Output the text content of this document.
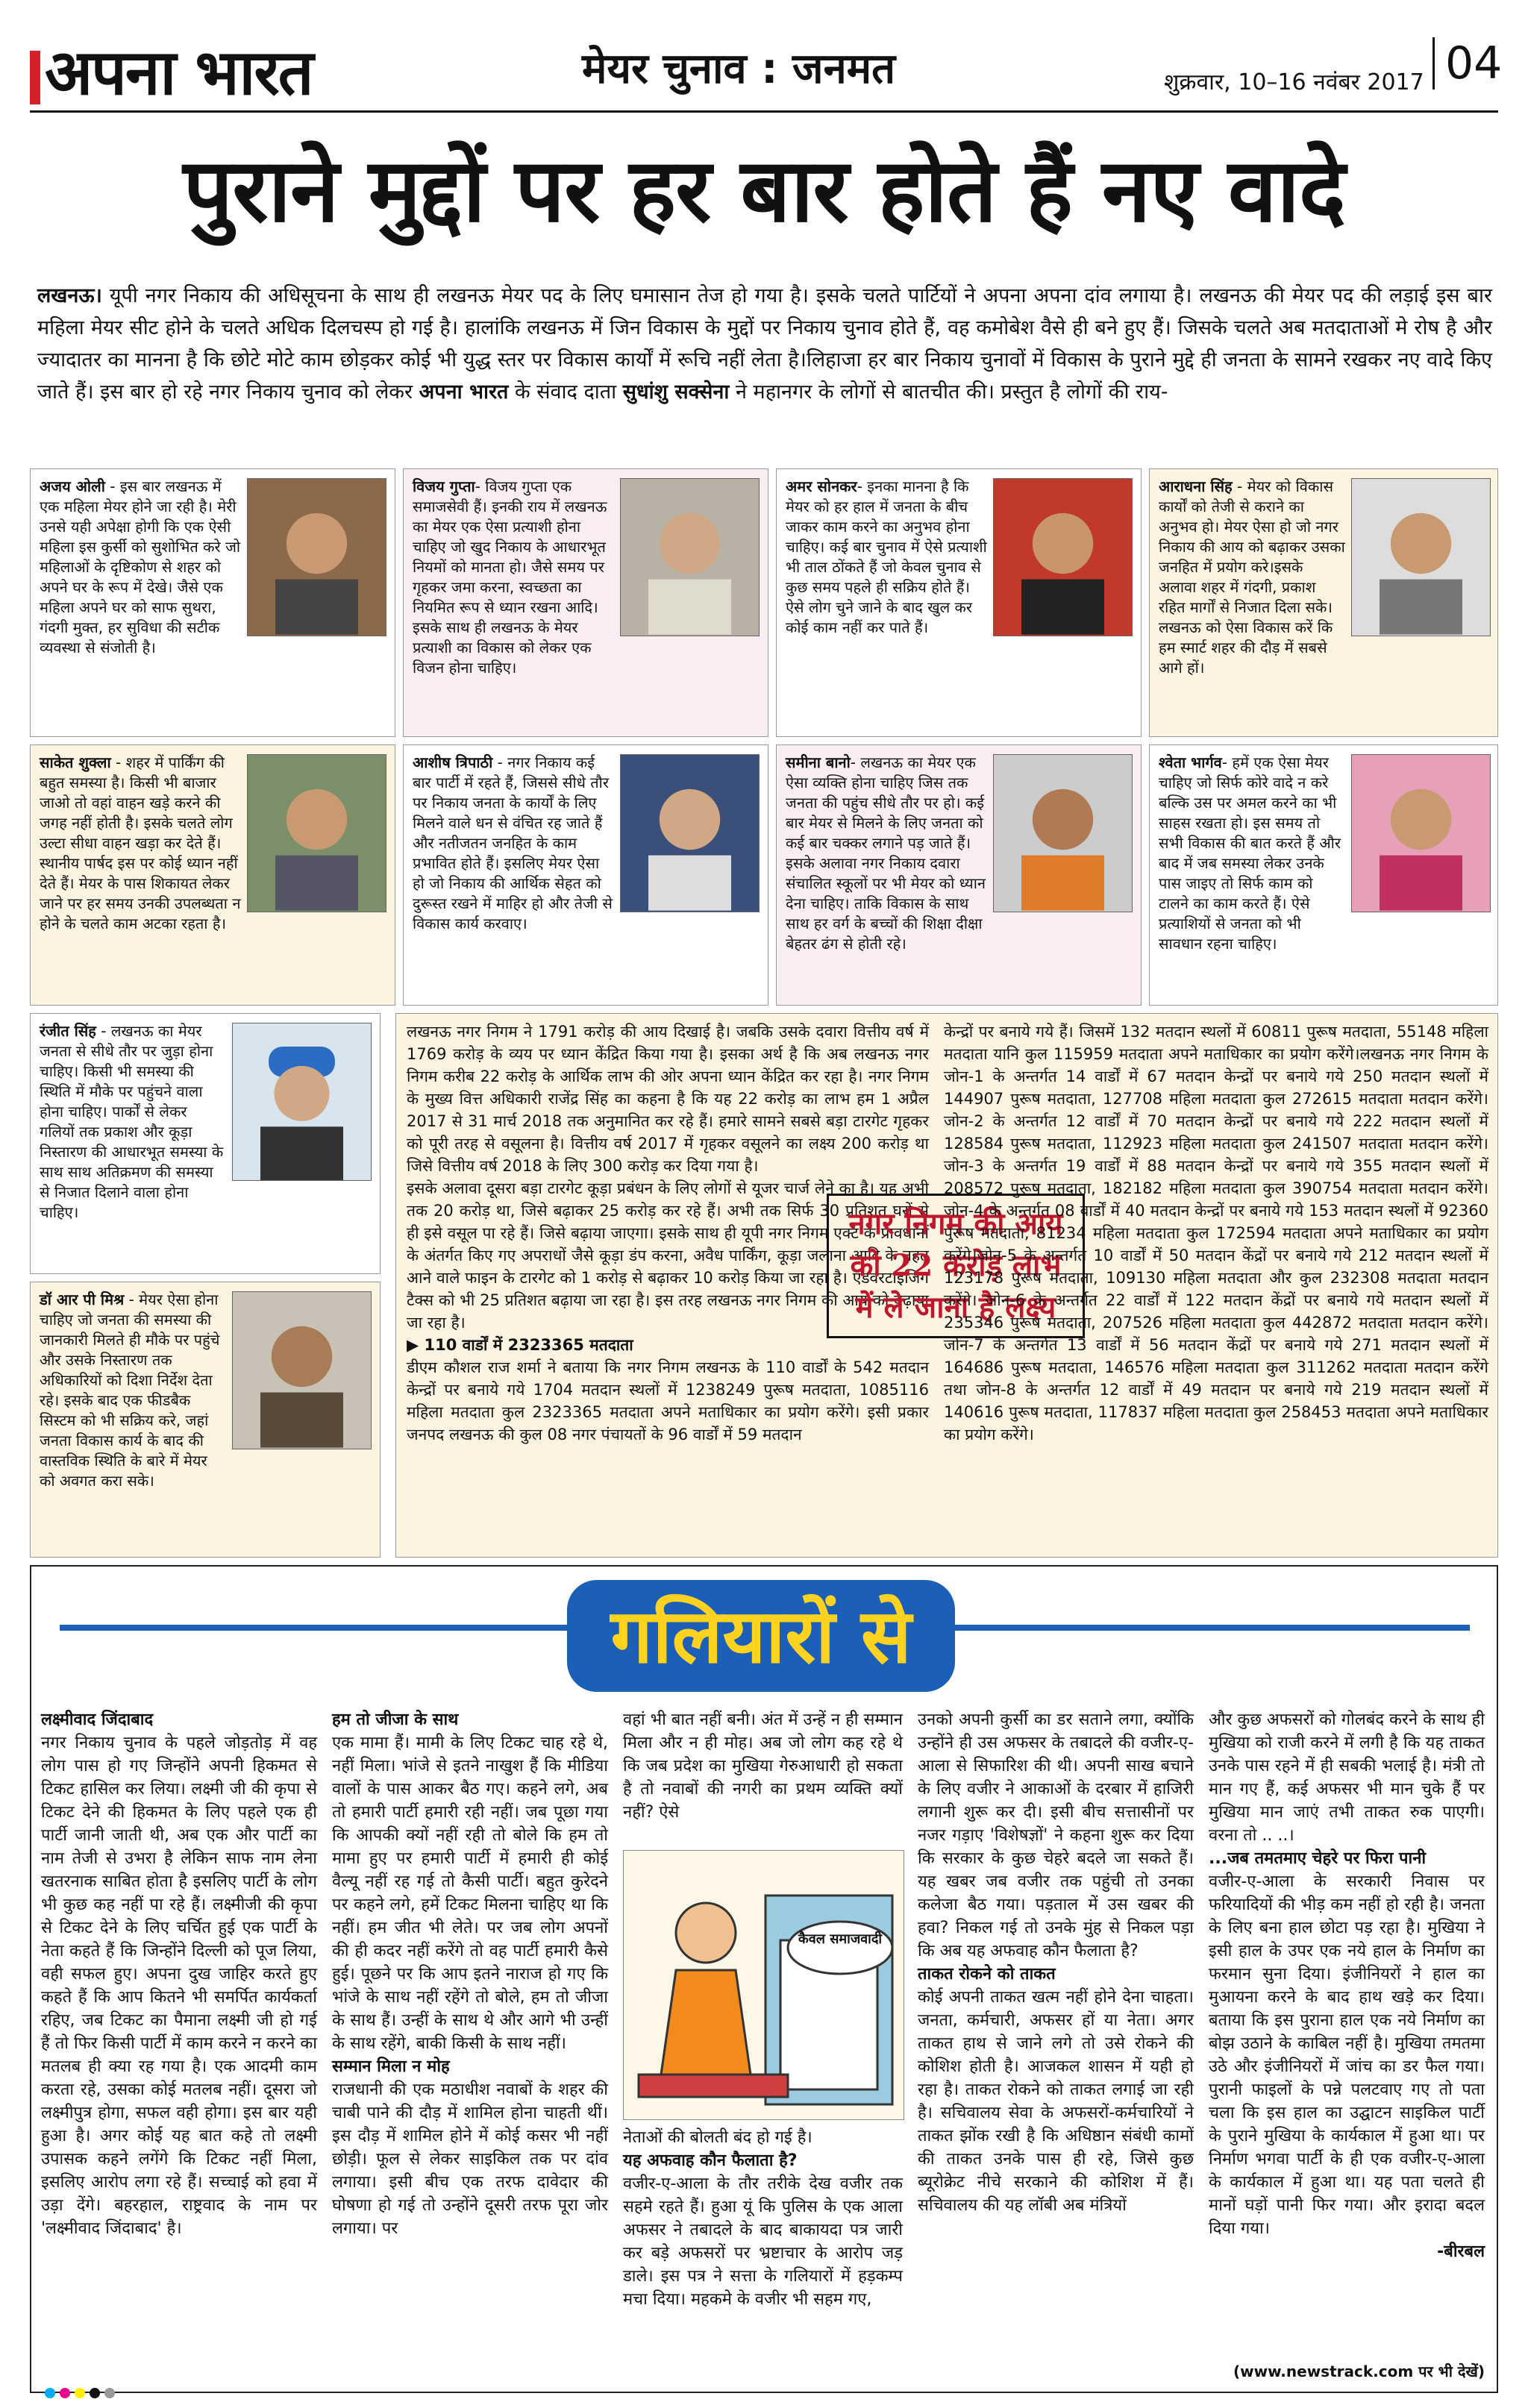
अपना भारत	मेयर चुनाव : जनमत	शुक्रवार, 10–16 नवंबर 2017 04
पुराने मुद्दों पर हर बार होते हैं नए वादे
लखनऊ। यूपी नगर निकाय की अधिसूचना के साथ ही लखनऊ मेयर पद के लिए घमासान तेज हो गया है। इसके चलते पार्टियों ने अपना अपना दांव लगाया है। लखनऊ की मेयर पद की लड़ाई इस बार महिला मेयर सीट होने के चलते अधिक दिलचस्प हो गई है। हालांकि लखनऊ में जिन विकास के मुद्दों पर निकाय चुनाव होते हैं, वह कमोबेश वैसे ही बने हुए हैं। जिसके चलते अब मतदाताओं मे रोष है और ज्यादातर का मानना है कि छोटे मोटे काम छोड़कर कोई भी युद्ध स्तर पर विकास कार्यों में रूचि नहीं लेता है।लिहाजा हर बार निकाय चुनावों में विकास के पुराने मुद्दे ही जनता के सामने रखकर नए वादे किए जाते हैं। इस बार हो रहे नगर निकाय चुनाव को लेकर अपना भारत के संवाद दाता सुधांशु सक्सेना ने महानगर के लोगों से बातचीत की। प्रस्तुत है लोगों की राय-
अजय ओली - इस बार लखनऊ में एक महिला मेयर होने जा रही है। मेरी उनसे यही अपेक्षा होगी कि एक ऐसी महिला इस कुर्सी को सुशोभित करे जो महिलाओं के दृष्टिकोण से शहर को अपने घर के रूप में देखे। जैसे एक महिला अपने घर को साफ सुथरा, गंदगी मुक्त, हर सुविधा की सटीक व्यवस्था से संजोती है।
विजय गुप्ता- विजय गुप्ता एक समाजसेवी हैं। इनकी राय में लखनऊ का मेयर एक ऐसा प्रत्याशी होना चाहिए जो खुद निकाय के आधारभूत नियमों को मानता हो। जैसे समय पर गृहकर जमा करना, स्वच्छता का नियमित रूप से ध्यान रखना आदि। इसके साथ ही लखनऊ के मेयर प्रत्याशी का विकास को लेकर एक विजन होना चाहिए।
अमर सोनकर- इनका मानना है कि मेयर को हर हाल में जनता के बीच जाकर काम करने का अनुभव होना चाहिए। कई बार चुनाव में ऐसे प्रत्याशी भी ताल ठोंकते हैं जो केवल चुनाव से कुछ समय पहले ही सक्रिय होते हैं। ऐसे लोग चुने जाने के बाद खुल कर कोई काम नहीं कर पाते हैं।
आराधना सिंह - मेयर को विकास कार्यों को तेजी से कराने का अनुभव हो। मेयर ऐसा हो जो नगर निकाय की आय को बढ़ाकर उसका जनहित में प्रयोग करे।इसके अलावा शहर में गंदगी, प्रकाश रहित मार्गों से निजात दिला सके।लखनऊ को ऐसा विकास करें कि हम स्मार्ट शहर की दौड़ में सबसे आगे हों।
साकेत शुक्ला - शहर में पार्किंग की बहुत समस्या है। किसी भी बाजार जाओ तो वहां वाहन खड़े करने की जगह नहीं होती है। इसके चलते लोग उल्टा सीधा वाहन खड़ा कर देते हैं। स्थानीय पार्षद इस पर कोई ध्यान नहीं देते हैं। मेयर के पास शिकायत लेकर जाने पर हर समय उनकी उपलब्धता न होने के चलते काम अटका रहता है।
आशीष त्रिपाठी - नगर निकाय कई बार पार्टी में रहते हैं, जिससे सीधे तौर पर निकाय जनता के कार्यों के लिए मिलने वाले धन से वंचित रह जाते हैं और नतीजतन जनहित के काम प्रभावित होते हैं। इसलिए मेयर ऐसा हो जो निकाय की आर्थिक सेहत को दुरूस्त रखने में माहिर हो और तेजी से विकास कार्य करवाए।
समीना बानो- लखनऊ का मेयर एक ऐसा व्यक्ति होना चाहिए जिस तक जनता की पहुंच सीधे तौर पर हो। कई बार मेयर से मिलने के लिए जनता को कई बार चक्कर लगाने पड़ जाते हैं। इसके अलावा नगर निकाय दवारा संचालित स्कूलों पर भी मेयर को ध्यान देना चाहिए। ताकि विकास के साथ साथ हर वर्ग के बच्चों की शिक्षा दीक्षा बेहतर ढंग से होती रहे।
श्वेता भार्गव- हमें एक ऐसा मेयर चाहिए जो सिर्फ कोरे वादे न करे बल्कि उस पर अमल करने का भी साहस रखता हो। इस समय तो सभी विकास की बात करते हैं और बाद में जब समस्या लेकर उनके पास जाइए तो सिर्फ काम को टालने का काम करते हैं। ऐसे प्रत्याशियों से जनता को भी सावधान रहना चाहिए।
रंजीत सिंह - लखनऊ का मेयर जनता से सीधे तौर पर जुड़ा होना चाहिए। किसी भी समस्या की स्थिति में मौके पर पहुंचने वाला होना चाहिए। पार्कों से लेकर गलियों तक प्रकाश और कूड़ा निस्तारण की आधारभूत समस्या के साथ साथ अतिक्रमण की समस्या से निजात दिलाने वाला होना चाहिए।
डॉ आर पी मिश्र - मेयर ऐसा होना चाहिए जो जनता की समस्या की जानकारी मिलते ही मौके पर पहुंचे और उसके निस्तारण तक अधिकारियों को दिशा निर्देश देता रहे। इसके बाद एक फीडबैक सिस्टम को भी सक्रिय करे, जहां जनता विकास कार्य के बाद की वास्तविक स्थिति के बारे में मेयर को अवगत करा सके।
लखनऊ नगर निगम ने 1791 करोड़ की आय दिखाई है। जबकि उसके दवारा वित्तीय वर्ष में 1769 करोड़ के व्यय पर ध्यान केंद्रित किया गया है। इसका अर्थ है कि अब लखनऊ नगर निगम करीब 22 करोड़ के आर्थिक लाभ की ओर अपना ध्यान केंद्रित कर रहा है। नगर निगम के मुख्य वित्त अधिकारी राजेंद्र सिंह का कहना है कि यह 22 करोड़ का लाभ हम 1 अप्रैल 2017 से 31 मार्च 2018 तक अनुमानित कर रहे हैं। हमारे सामने सबसे बड़ा टारगेट गृहकर को पूरी तरह से वसूलना है। वित्तीय वर्ष 2017 में गृहकर वसूलने का लक्ष्य 200 करोड़ था जिसे वित्तीय वर्ष 2018 के लिए 300 करोड़ कर दिया गया है।
इसके अलावा दूसरा बड़ा टारगेट कूड़ा प्रबंधन के लिए लोगों से यूजर चार्ज लेने का है। यह अभी तक 20 करोड़ था, जिसे बढ़ाकर 25 करोड़ कर रहे हैं। अभी तक सिर्फ 30 प्रतिशत घरों से ही इसे वसूल पा रहे हैं। जिसे बढ़ाया जाएगा। इसके साथ ही यूपी नगर निगम एक्ट के प्रावधानों के अंतर्गत किए गए अपराधों जैसे कूड़ा डंप करना, अवैध पार्किंग, कूड़ा जलाना आदि के तहत आने वाले फाइन के टारगेट को 1 करोड़ से बढ़ाकर 10 करोड़ किया जा रहा है। एडवरटाइजिंग टैक्स को भी 25 प्रतिशत बढ़ाया जा रहा है। इस तरह लखनऊ नगर निगम की आय को बढ़ाया जा रहा है।
▶ 110 वार्डों में 2323365 मतदाता
डीएम कौशल राज शर्मा ने बताया कि नगर निगम लखनऊ के 110 वार्डों के 542 मतदान केन्द्रों पर बनाये गये 1704 मतदान स्थलों में 1238249 पुरूष मतदाता, 1085116 महिला मतदाता कुल 2323365 मतदाता अपने मताधिकार का प्रयोग करेंगे। इसी प्रकार जनपद लखनऊ की कुल 08 नगर पंचायतों के 96 वार्डों में 59 मतदान
नगर निगम की आय को 22 करोड़ लाभ में ले जाना है लक्ष्य
केन्द्रों पर बनाये गये हैं। जिसमें 132 मतदान स्थलों में 60811 पुरूष मतदाता, 55148 महिला मतदाता यानि कुल 115959 मतदाता अपने मताधिकार का प्रयोग करेंगे।लखनऊ नगर निगम के जोन-1 के अन्तर्गत 14 वार्डों में 67 मतदान केन्द्रों पर बनाये गये 250 मतदान स्थलों में 144907 पुरूष मतदाता, 127708 महिला मतदाता कुल 272615 मतदाता मतदान करेंगे। जोन-2 के अन्तर्गत 12 वार्डों में 70 मतदान केन्द्रों पर बनाये गये 222 मतदान स्थलों में 128584 पुरूष मतदाता, 112923 महिला मतदाता कुल 241507 मतदाता मतदान करेंगे। जोन-3 के अन्तर्गत 19 वार्डों में 88 मतदान केन्द्रों पर बनाये गये 355 मतदान स्थलों में 208572 पुरूष मतदाता, 182182 महिला मतदाता कुल 390754 मतदाता मतदान करेंगे। जोन-4 के अन्तर्गत 08 वार्डों में 40 मतदान केन्द्रों पर बनाये गये 153 मतदान स्थलों में 92360 पुरूष मतदाता, 81234 महिला मतदाता कुल 172594 मतदाता अपने मताधिकार का प्रयोग करेंगे।जोन-5 के अन्तर्गत 10 वार्डों में 50 मतदान केंद्रों पर बनाये गये 212 मतदान स्थलों में 123178 पुरूष मतदाता, 109130 महिला मतदाता और कुल 232308 मतदाता मतदान करेंगे। जोन-6 के अन्तर्गत 22 वार्डों में 122 मतदान केंद्रों पर बनाये गये मतदान स्थलों में 235346 पुरूष मतदाता, 207526 महिला मतदाता कुल 442872 मतदाता मतदान करेंगे। जोन-7 के अन्तर्गत 13 वार्डों में 56 मतदान केंद्रों पर बनाये गये 271 मतदान स्थलों में 164686 पुरूष मतदाता, 146576 महिला मतदाता कुल 311262 मतदाता मतदान करेंगे तथा जोन-8 के अन्तर्गत 12 वार्डों में 49 मतदान पर बनाये गये 219 मतदान स्थलों में 140616 पुरूष मतदाता, 117837 महिला मतदाता कुल 258453 मतदाता अपने मताधिकार का प्रयोग करेंगे।
गलियारों से
लक्ष्मीवाद जिंदाबाद
नगर निकाय चुनाव के पहले जोड़तोड़ में वह लोग पास हो गए जिन्होंने अपनी हिकमत से टिकट हासिल कर लिया। लक्ष्मी जी की कृपा से टिकट देने की हिकमत के लिए पहले एक ही पार्टी जानी जाती थी, अब एक और पार्टी का नाम तेजी से उभरा है लेकिन साफ नाम लेना खतरनाक साबित होता है इसलिए पार्टी के लोग भी कुछ कह नहीं पा रहे हैं। लक्ष्मीजी की कृपा से टिकट देने के लिए चर्चित हुई एक पार्टी के नेता कहते हैं कि जिन्होंने दिल्ली को पूज लिया, वही सफल हुए। अपना दुख जाहिर करते हुए कहते हैं कि आप कितने भी समर्पित कार्यकर्ता रहिए, जब टिकट का पैमाना लक्ष्मी जी हो गई हैं तो फिर किसी पार्टी में काम करने न करने का मतलब ही क्या रह गया है। एक आदमी काम करता रहे, उसका कोई मतलब नहीं। दूसरा जो लक्ष्मीपुत्र होगा, सफल वही होगा। इस बार यही हुआ है। अगर कोई यह बात कहे तो लक्ष्मी उपासक कहने लगेंगे कि टिकट नहीं मिला, इसलिए आरोप लगा रहे हैं। सच्चाई को हवा में उड़ा देंगे। बहरहाल, राष्ट्रवाद के नाम पर 'लक्ष्मीवाद जिंदाबाद' है।
हम तो जीजा के साथ
एक मामा हैं। मामी के लिए टिकट चाह रहे थे, नहीं मिला। भांजे से इतने नाखुश हैं कि मीडिया वालों के पास आकर बैठ गए। कहने लगे, अब तो हमारी पार्टी हमारी रही नहीं। जब पूछा गया कि आपकी क्यों नहीं रही तो बोले कि हम तो मामा हुए पर हमारी पार्टी में हमारी ही कोई वैल्यू नहीं रह गई तो कैसी पार्टी। बहुत कुरेदने पर कहने लगे, हमें टिकट मिलना चाहिए था कि नहीं। हम जीत भी लेते। पर जब लोग अपनों की ही कदर नहीं करेंगे तो वह पार्टी हमारी कैसे हुई। पूछने पर कि आप इतने नाराज हो गए कि भांजे के साथ नहीं रहेंगे तो बोले, हम तो जीजा के साथ हैं। उन्हीं के साथ थे और आगे भी उन्हीं के साथ रहेंगे, बाकी किसी के साथ नहीं।
सम्मान मिला न मोह
राजधानी की एक मठाधीश नवाबों के शहर की चाबी पाने की दौड़ में शामिल होना चाहती थीं। इस दौड़ में शामिल होने में कोई कसर भी नहीं छोड़ी। फूल से लेकर साइकिल तक पर दांव लगाया। इसी बीच एक तरफ दावेदार की घोषणा हो गई तो उन्होंने दूसरी तरफ पूरा जोर लगाया। पर
वहां भी बात नहीं बनी। अंत में उन्हें न ही सम्मान मिला और न ही मोह। अब जो लोग कह रहे थे कि जब प्रदेश का मुखिया गेरुआधारी हो सकता है तो नवाबों की नगरी का प्रथम व्यक्ति क्यों नहीं? ऐसे
कैवल समाजवादी
नेताओं की बोलती बंद हो गई है।
यह अफवाह कौन फैलाता है?
वजीर-ए-आला के तौर तरीके देख वजीर तक सहमे रहते हैं। हुआ यूं कि पुलिस के एक आला अफसर ने तबादले के बाद बाकायदा पत्र जारी कर बड़े अफसरों पर भ्रष्टाचार के आरोप जड़ डाले। इस पत्र ने सत्ता के गलियारों में हड़कम्प मचा दिया। महकमे के वजीर भी सहम गए,
उनको अपनी कुर्सी का डर सताने लगा, क्योंकि उन्होंने ही उस अफसर के तबादले की वजीर-ए-आला से सिफारिश की थी। अपनी साख बचाने के लिए वजीर ने आकाओं के दरबार में हाजिरी लगानी शुरू कर दी। इसी बीच सत्तासीनों पर नजर गड़ाए 'विशेषज्ञों' ने कहना शुरू कर दिया कि सरकार के कुछ चेहरे बदले जा सकते हैं। यह खबर जब वजीर तक पहुंची तो उनका कलेजा बैठ गया। पड़ताल में उस खबर की हवा? निकल गई तो उनके मुंह से निकल पड़ा कि अब यह अफवाह कौन फैलाता है?
ताकत रोकने को ताकत
कोई अपनी ताकत खत्म नहीं होने देना चाहता। जनता, कर्मचारी, अफसर हों या नेता। अगर ताकत हाथ से जाने लगे तो उसे रोकने की कोशिश होती है। आजकल शासन में यही हो रहा है। ताकत रोकने को ताकत लगाई जा रही है। सचिवालय सेवा के अफसरों-कर्मचारियों ने ताकत झोंक रखी है कि अधिष्ठान संबंधी कामों की ताकत उनके पास ही रहे, जिसे कुछ ब्यूरोक्रेट नीचे सरकाने की कोशिश में हैं। सचिवालय की यह लॉबी अब मंत्रियों
और कुछ अफसरों को गोलबंद करने के साथ ही मुखिया को राजी करने में लगी है कि यह ताकत उनके पास रहने में ही सबकी भलाई है। मंत्री तो मान गए हैं, कई अफसर भी मान चुके हैं पर मुखिया मान जाएं तभी ताकत रुक पाएगी। वरना तो .. ..।
...जब तमतमाए चेहरे पर फिरा पानी
वजीर-ए-आला के सरकारी निवास पर फरियादियों की भीड़ कम नहीं हो रही है। जनता के लिए बना हाल छोटा पड़ रहा है। मुखिया ने इसी हाल के उपर एक नये हाल के निर्माण का फरमान सुना दिया। इंजीनियरों ने हाल का मुआयना करने के बाद हाथ खड़े कर दिया। बताया कि इस पुराना हाल एक नये निर्माण का बोझ उठाने के काबिल नहीं है। मुखिया तमतमा उठे और इंजीनियरों में जांच का डर फैल गया। पुरानी फाइलों के पन्ने पलटवाए गए तो पता चला कि इस हाल का उद्घाटन साइकिल पार्टी के पुराने मुखिया के कार्यकाल में हुआ था। पर निर्माण भगवा पार्टी के ही एक वजीर-ए-आला के कार्यकाल में हुआ था। यह पता चलते ही मानों घड़ों पानी फिर गया। और इरादा बदल दिया गया।
-बीरबल
(www.newstrack.com पर भी देखें)
